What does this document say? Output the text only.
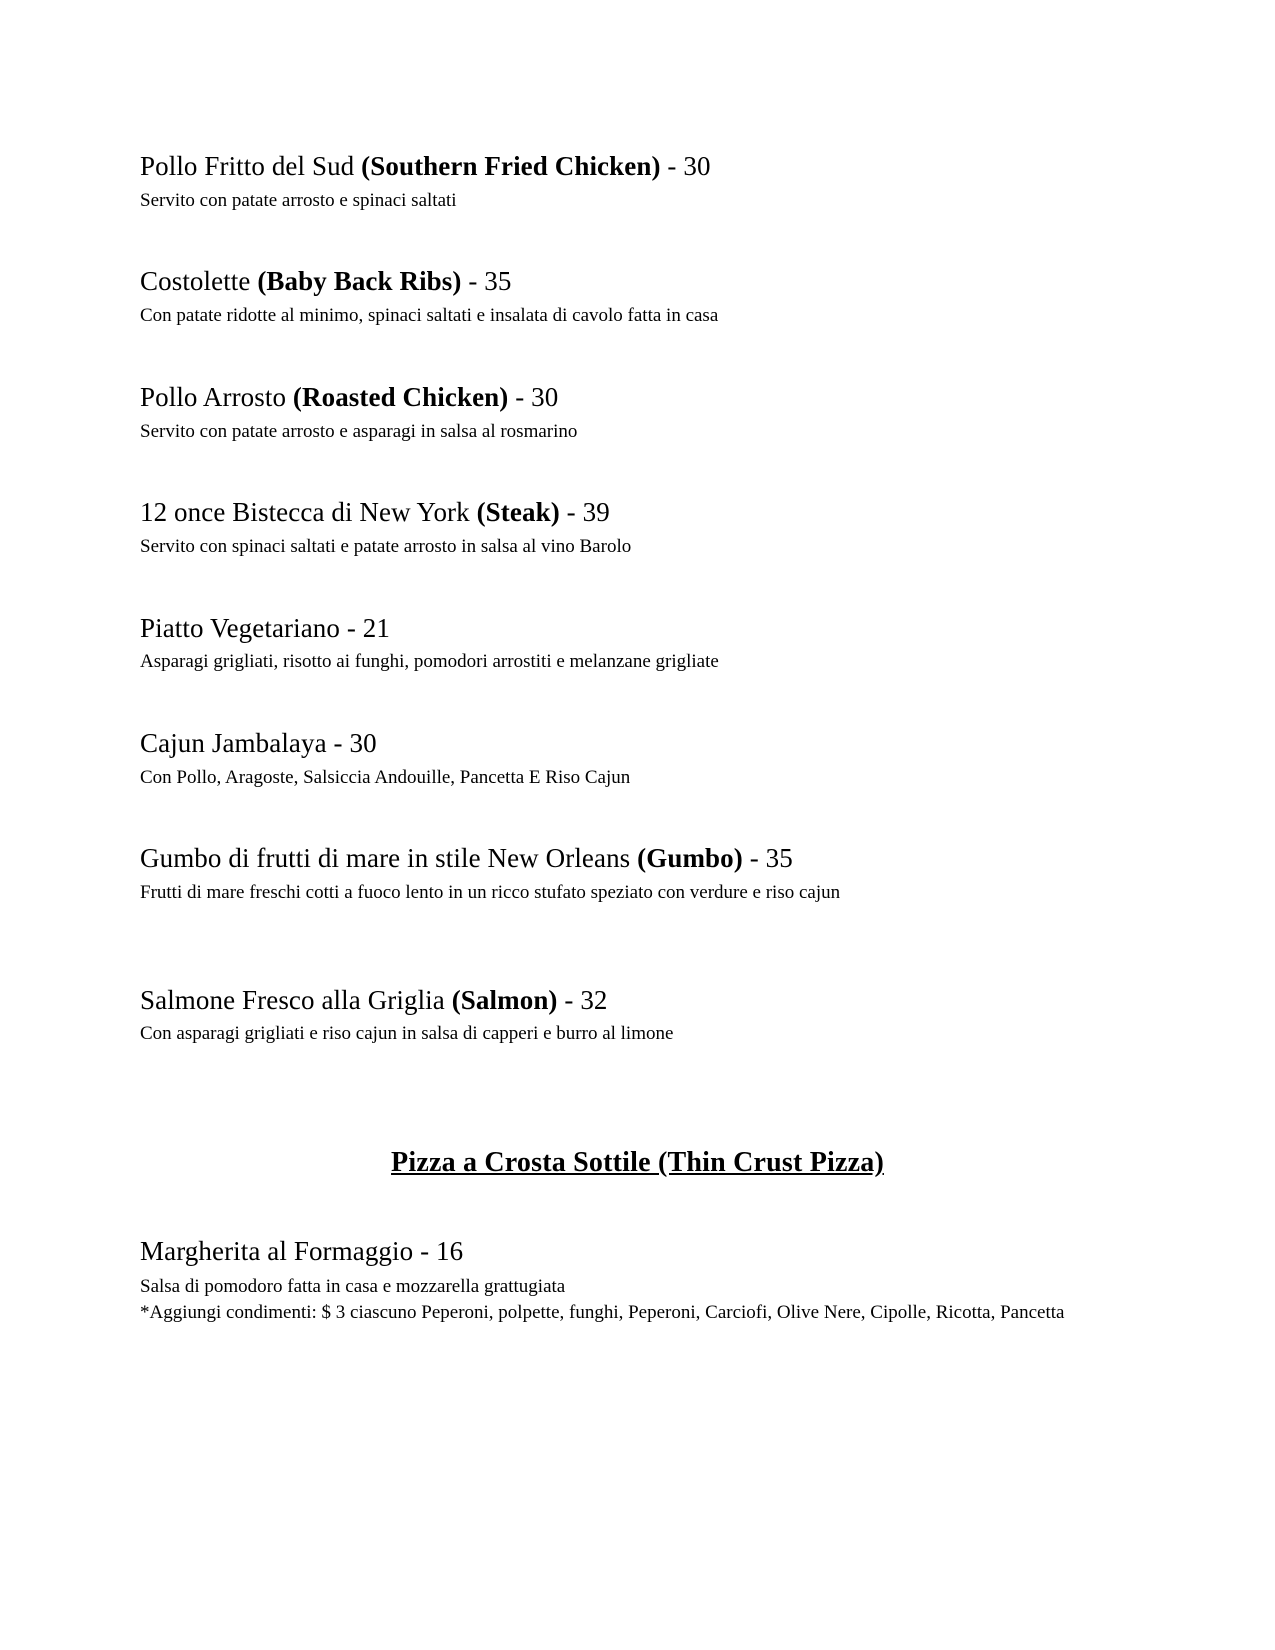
Pollo Fritto del Sud (Southern Fried Chicken) - 30

Servito con patate arrosto e spinaci saltati

Costolette (Baby Back Ribs) - 35

Con patate ridotte al minimo, spinaci saltati e insalata di cavolo fatta in casa

Pollo Arrosto (Roasted Chicken) - 30

Servito con patate arrosto e asparagi in salsa al rosmarino

12 once Bistecca di New York (Steak) - 39

Servito con spinaci saltati e patate arrosto in salsa al vino Barolo

Piatto Vegetariano - 21

Asparagi grigliati, risotto ai funghi, pomodori arrostiti e melanzane grigliate

Cajun Jambalaya - 30

Con Pollo, Aragoste, Salsiccia Andouille, Pancetta E Riso Cajun

Gumbo di frutti di mare in stile New Orleans (Gumbo) - 35

Frutti di mare freschi cotti a fuoco lento in un ricco stufato speziato con verdure e riso cajun

Salmone Fresco alla Griglia (Salmon) - 32

Con asparagi grigliati e riso cajun in salsa di capperi e burro al limone

Pizza a Crosta Sottile (Thin Crust Pizza)

Margherita al Formaggio - 16

Salsa di pomodoro fatta in casa e mozzarella grattugiata

*Aggiungi condimenti: $ 3 ciascuno Peperoni, polpette, funghi, Peperoni, Carciofi, Olive Nere, Cipolle, Ricotta, Pancetta
